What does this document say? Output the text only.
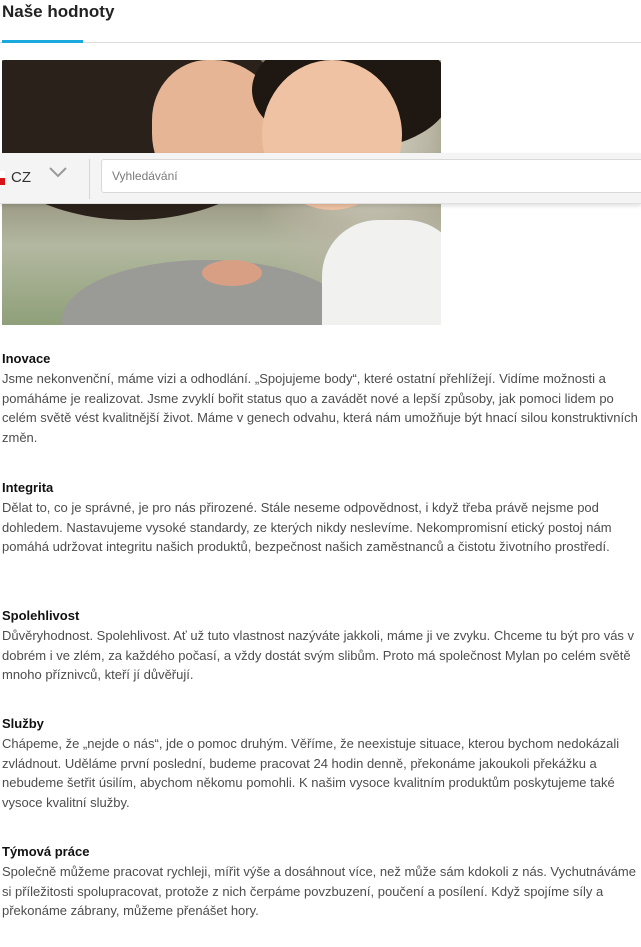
Naše hodnoty
CZ
Vyhledávání
Inovace

Jsme nekonvenční, máme vizi a odhodlání. „Spojujeme body“, které ostatní přehlížejí. Vidíme možnosti a pomáháme je realizovat. Jsme zvyklí bořit status quo a zavádět nové a lepší způsoby, jak pomoci lidem po celém světě vést kvalitnější život. Máme v genech odvahu, která nám umožňuje být hnací silou konstruktivních změn.

Integrita

Dělat to, co je správné, je pro nás přirozené. Stále neseme odpovědnost, i když třeba právě nejsme pod dohledem. Nastavujeme vysoké standardy, ze kterých nikdy neslevíme. Nekompromisní etický postoj nám pomáhá udržovat integritu našich produktů, bezpečnost našich zaměstnanců a čistotu životního prostředí.

Spolehlivost

Důvěryhodnost. Spolehlivost. Ať už tuto vlastnost nazýváte jakkoli, máme ji ve zvyku. Chceme tu být pro vás v dobrém i ve zlém, za každého počasí, a vždy dostát svým slibům. Proto má společnost Mylan po celém světě mnoho příznivců, kteří jí důvěřují.

Služby

Chápeme, že „nejde o nás“, jde o pomoc druhým. Věříme, že neexistuje situace, kterou bychom nedokázali zvládnout. Uděláme první poslední, budeme pracovat 24 hodin denně, překonáme jakoukoli překážku a nebudeme šetřit úsilím, abychom někomu pomohli. K našim vysoce kvalitním produktům poskytujeme také vysoce kvalitní služby.

Týmová práce

Společně můžeme pracovat rychleji, mířit výše a dosáhnout více, než může sám kdokoli z nás. Vychutnáváme si příležitosti spolupracovat, protože z nich čerpáme povzbuzení, poučení a posílení. Když spojíme síly a překonáme zábrany, můžeme přenášet hory.
